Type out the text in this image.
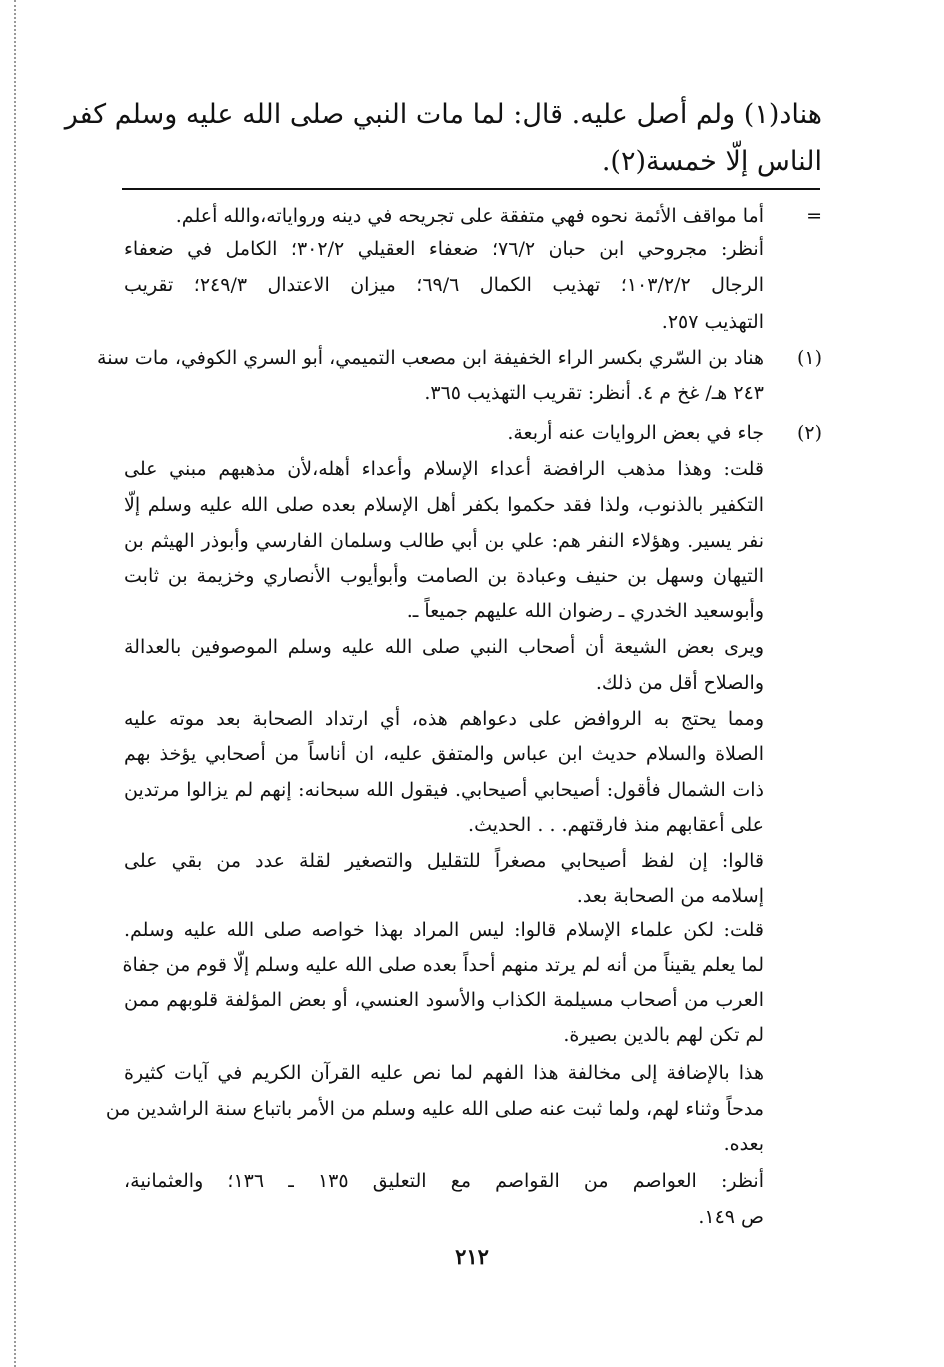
هناد(١) ولم أصل عليه. قال: لما مات النبي صلى الله عليه وسلم كفر
الناس إلّا خمسة(٢).
=
أما مواقف الأئمة نحوه فهي متفقة على تجريحه في دينه ورواياته،والله أعلم.
أنظر: مجروحي ابن حبان ٧٦/٢؛ ضعفاء العقيلي ٣٠٢/٢؛ الكامل في ضعفاء
الرجال ١٠٣/٢/٢؛ تهذيب الكمال ٦٩/٦؛ ميزان الاعتدال ٢٤٩/٣؛ تقريب
التهذيب ٢٥٧.
(١)
هناد بن السّري بكسر الراء الخفيفة ابن مصعب التميمي، أبو السري الكوفي، مات سنة
٢٤٣ هـ/ غخ م ٤. أنظر: تقريب التهذيب ٣٦٥.
(٢)
جاء في بعض الروايات عنه أربعة.
قلت: وهذا مذهب الرافضة أعداء الإسلام وأعداء أهله،لأن مذهبهم مبني على
التكفير بالذنوب، ولذا فقد حكموا بكفر أهل الإسلام بعده صلى الله عليه وسلم إلّا
نفر يسير. وهؤلاء النفر هم: علي بن أبي طالب وسلمان الفارسي وأبوذر الهيثم بن
التيهان وسهل بن حنيف وعبادة بن الصامت وأبوأيوب الأنصاري وخزيمة بن ثابت
وأبوسعيد الخدري ـ رضوان الله عليهم جميعاً ـ.
ويرى بعض الشيعة أن أصحاب النبي صلى الله عليه وسلم الموصوفين بالعدالة
والصلاح أقل من ذلك.
ومما يحتج به الروافض على دعواهم هذه، أي ارتداد الصحابة بعد موته عليه
الصلاة والسلام حديث ابن عباس والمتفق عليه، ان أناساً من أصحابي يؤخذ بهم
ذات الشمال فأقول: أصيحابي أصيحابي. فيقول الله سبحانه: إنهم لم يزالوا مرتدين
على أعقابهم منذ فارقتهم. . . الحديث.
قالوا: إن لفظ أصيحابي مصغراً للتقليل والتصغير لقلة عدد من بقي على
إسلامه من الصحابة بعد.
قلت: لكن علماء الإسلام قالوا: ليس المراد بهذا خواصه صلى الله عليه وسلم.
لما يعلم يقيناً من أنه لم يرتد منهم أحداً بعده صلى الله عليه وسلم إلّا قوم من جفاة
العرب من أصحاب مسيلمة الكذاب والأسود العنسي، أو بعض المؤلفة قلوبهم ممن
لم تكن لهم بالدين بصيرة.
هذا بالإضافة إلى مخالفة هذا الفهم لما نص عليه القرآن الكريم في آيات كثيرة
مدحاً وثناء لهم، ولما ثبت عنه صلى الله عليه وسلم من الأمر باتباع سنة الراشدين من
بعده.
أنظر: العواصم من القواصم مع التعليق ١٣٥ ـ ١٣٦؛ والعثمانية،
ص ١٤٩.
٢١٢
